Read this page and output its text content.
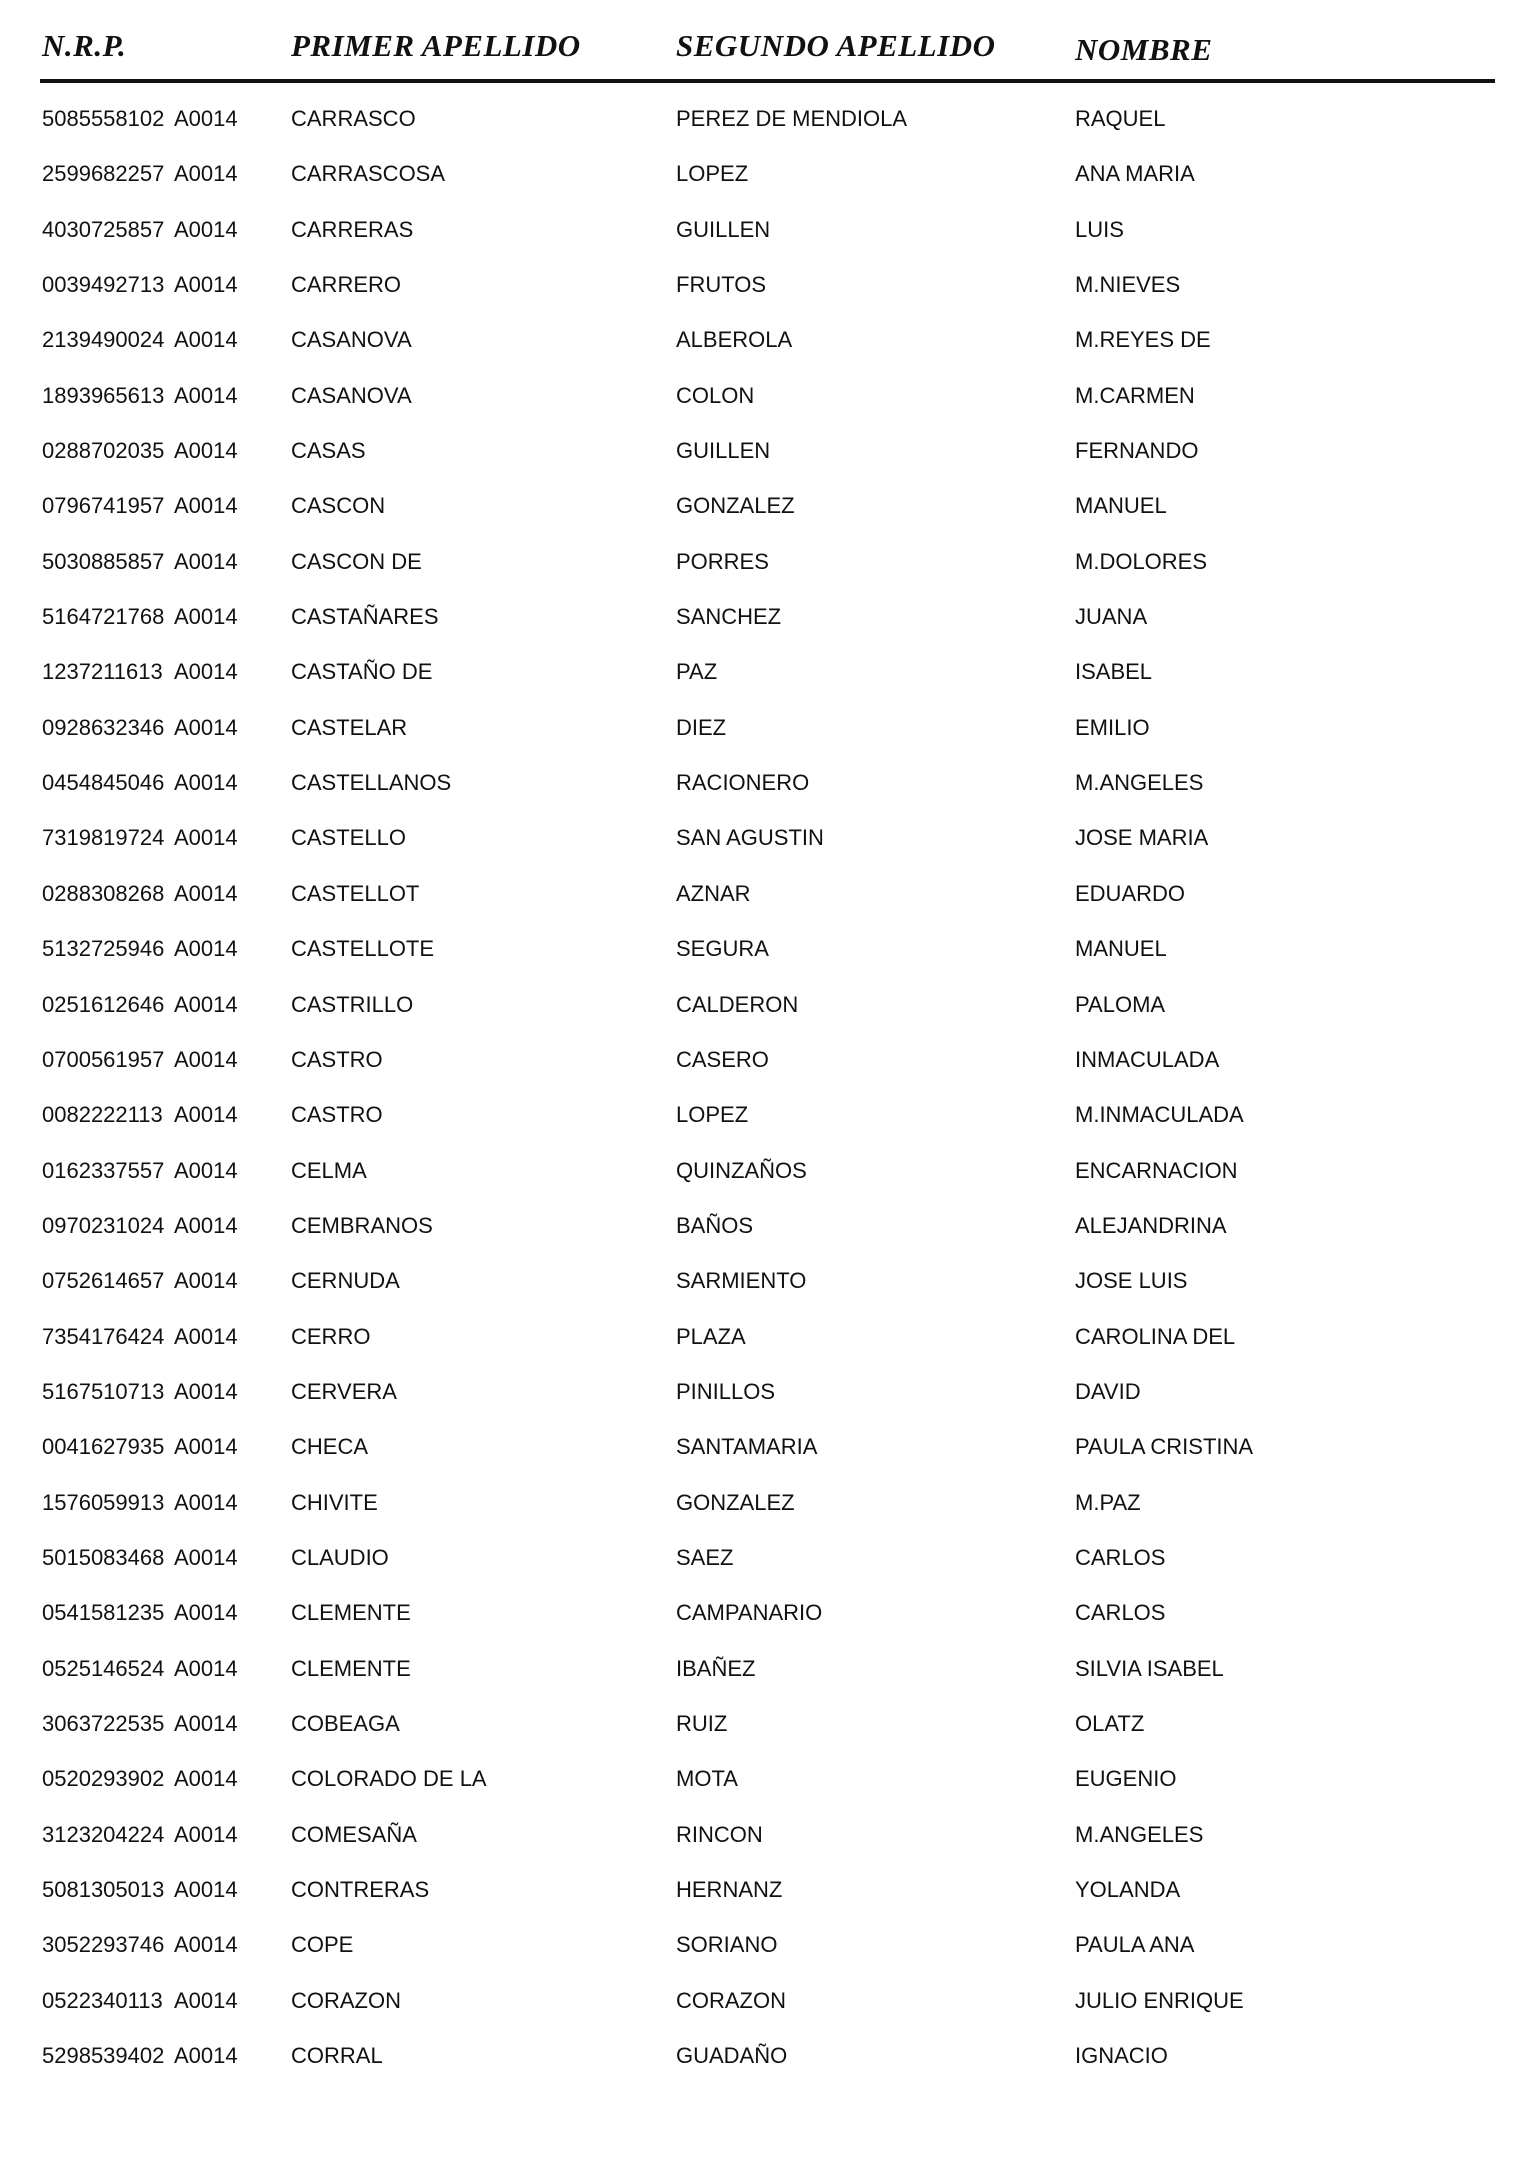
N.R.P.	PRIMER APELLIDO	SEGUNDO APELLIDO	NOMBRE
5085558102 A0014 CARRASCO	PEREZ DE MENDIOLA	RAQUEL
2599682257 A0014 CARRASCOSA	LOPEZ	ANA MARIA
4030725857 A0014 CARRERAS	GUILLEN	LUIS
0039492713 A0014 CARRERO	FRUTOS	M.NIEVES
2139490024 A0014 CASANOVA	ALBEROLA	M.REYES DE
1893965613 A0014 CASANOVA	COLON	M.CARMEN
0288702035 A0014 CASAS	GUILLEN	FERNANDO
0796741957 A0014 CASCON	GONZALEZ	MANUEL
5030885857 A0014 CASCON DE	PORRES	M.DOLORES
5164721768 A0014 CASTAÑARES	SANCHEZ	JUANA
1237211613 A0014 CASTAÑO DE	PAZ	ISABEL
0928632346 A0014 CASTELAR	DIEZ	EMILIO
0454845046 A0014 CASTELLANOS	RACIONERO	M.ANGELES
7319819724 A0014 CASTELLO	SAN AGUSTIN	JOSE MARIA
0288308268 A0014 CASTELLOT	AZNAR	EDUARDO
5132725946 A0014 CASTELLOTE	SEGURA	MANUEL
0251612646 A0014 CASTRILLO	CALDERON	PALOMA
0700561957 A0014 CASTRO	CASERO	INMACULADA
0082222113 A0014 CASTRO	LOPEZ	M.INMACULADA
0162337557 A0014 CELMA	QUINZAÑOS	ENCARNACION
0970231024 A0014 CEMBRANOS	BAÑOS	ALEJANDRINA
0752614657 A0014 CERNUDA	SARMIENTO	JOSE LUIS
7354176424 A0014 CERRO	PLAZA	CAROLINA DEL
5167510713 A0014 CERVERA	PINILLOS	DAVID
0041627935 A0014 CHECA	SANTAMARIA	PAULA CRISTINA
1576059913 A0014 CHIVITE	GONZALEZ	M.PAZ
5015083468 A0014 CLAUDIO	SAEZ	CARLOS
0541581235 A0014 CLEMENTE	CAMPANARIO	CARLOS
0525146524 A0014 CLEMENTE	IBAÑEZ	SILVIA ISABEL
3063722535 A0014 COBEAGA	RUIZ	OLATZ
0520293902 A0014 COLORADO DE LA	MOTA	EUGENIO
3123204224 A0014 COMESAÑA	RINCON	M.ANGELES
5081305013 A0014 CONTRERAS	HERNANZ	YOLANDA
3052293746 A0014 COPE	SORIANO	PAULA ANA
0522340113 A0014 CORAZON	CORAZON	JULIO ENRIQUE
5298539402 A0014 CORRAL	GUADAÑO	IGNACIO
